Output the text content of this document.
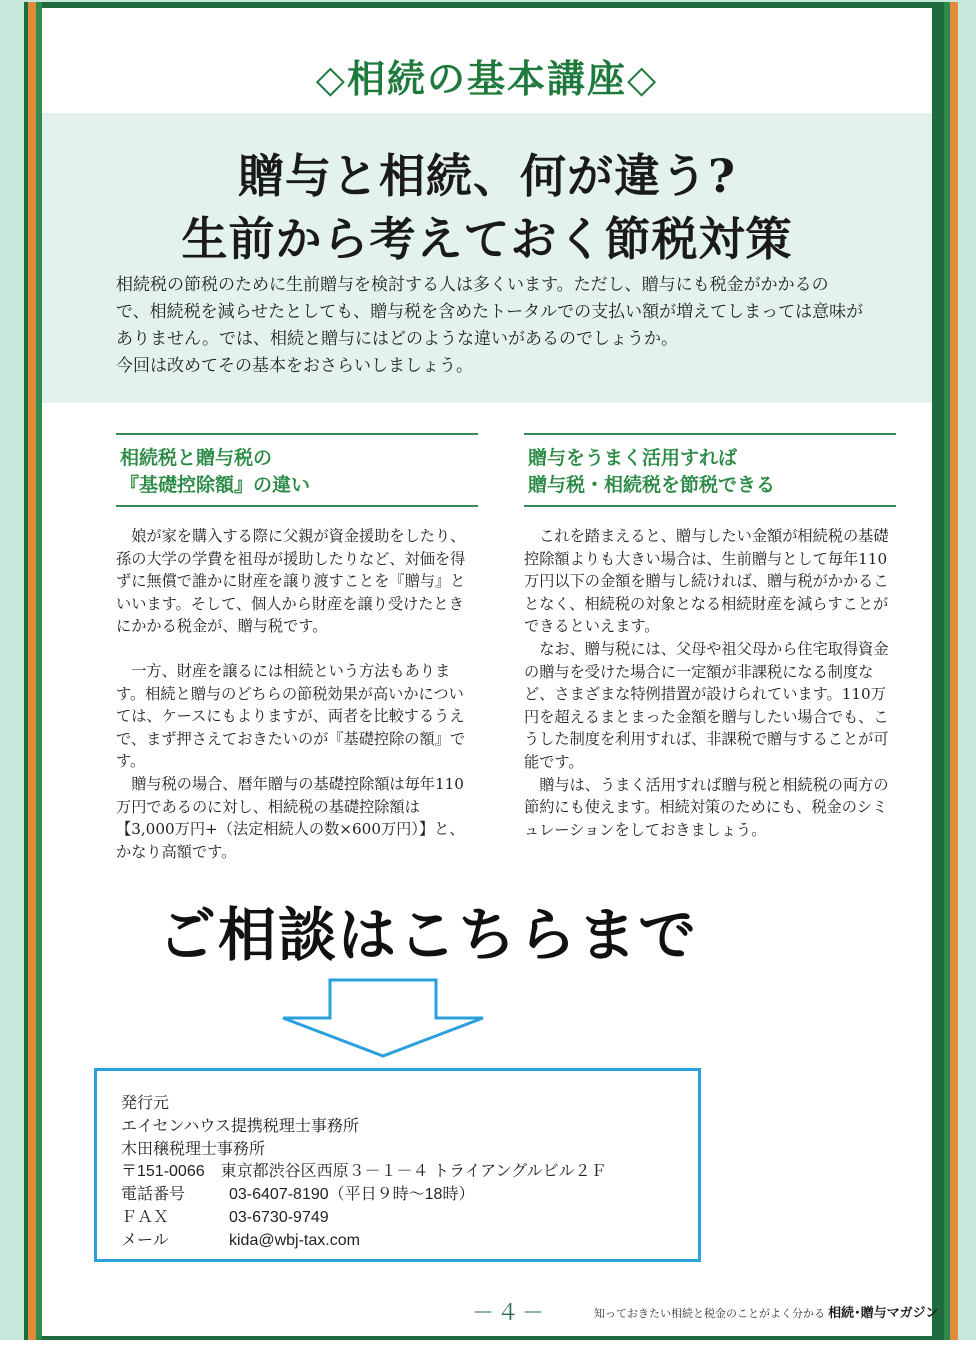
◇相続の基本講座◇
贈与と相続、何が違う?
生前から考えておく節税対策

相続税の節税のために生前贈与を検討する人は多くいます。ただし、贈与にも税金がかかるの

で、相続税を減らせたとしても、贈与税を含めたトータルでの支払い額が増えてしまっては意味が

ありません。では、相続と贈与にはどのような違いがあるのでしょうか。

今回は改めてその基本をおさらいしましょう。

相続税と贈与税の
『基礎控除額』の違い

娘が家を購入する際に父親が資金援助をしたり、孫の大学の学費を祖母が援助したりなど、対価を得ずに無償で誰かに財産を譲り渡すことを『贈与』といいます。そして、個人から財産を譲り受けたときにかかる税金が、贈与税です。

一方、財産を譲るには相続という方法もあります。相続と贈与のどちらの節税効果が高いかについては、ケースにもよりますが、両者を比較するうえで、まず押さえておきたいのが『基礎控除の額』です。

贈与税の場合、暦年贈与の基礎控除額は毎年110万円であるのに対し、相続税の基礎控除額は【3,000万円+（法定相続人の数×600万円）】と、かなり高額です。

贈与をうまく活用すれば
贈与税・相続税を節税できる

これを踏まえると、贈与したい金額が相続税の基礎控除額よりも大きい場合は、生前贈与として毎年110万円以下の金額を贈与し続ければ、贈与税がかかることなく、相続税の対象となる相続財産を減らすことができるといえます。

なお、贈与税には、父母や祖父母から住宅取得資金の贈与を受けた場合に一定額が非課税になる制度など、さまざまな特例措置が設けられています。110万円を超えるまとまった金額を贈与したい場合でも、こうした制度を利用すれば、非課税で贈与することが可能です。

贈与は、うまく活用すれば贈与税と相続税の両方の節約にも使えます。相続対策のためにも、税金のシミュレーションをしておきましょう。

ご相談はこちらまで
発行元
エイセンハウス提携税理士事務所
木田穣税理士事務所
〒151-0066　東京都渋谷区西原３－１－４ トライアングルビル２Ｆ
電話番号	03-6407-8190（平日９時～18時）
ＦＡＸ	03-6730-9749
メール	kida@wbj-tax.com
－４－	知っておきたい相続と税金のことがよく分かる 相続･贈与マガジン
